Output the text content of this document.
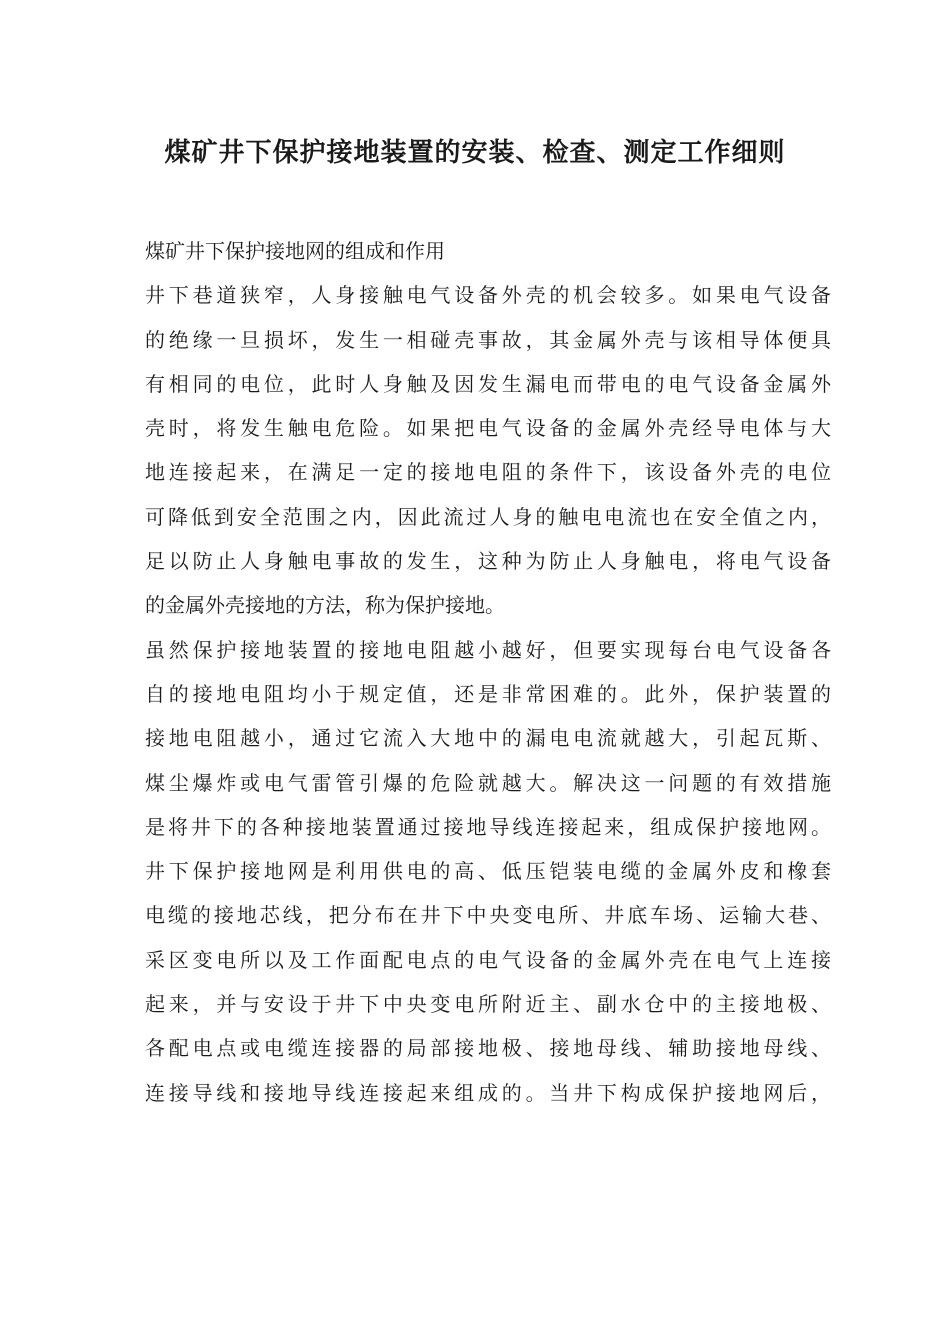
煤矿井下保护接地装置的安装、检查、测定工作细则
煤矿井下保护接地网的组成和作用
井下巷道狭窄，人身接触电气设备外壳的机会较多。如果电气设备
的绝缘一旦损坏，发生一相碰壳事故，其金属外壳与该相导体便具
有相同的电位，此时人身触及因发生漏电而带电的电气设备金属外
壳时，将发生触电危险。如果把电气设备的金属外壳经导电体与大
地连接起来，在满足一定的接地电阻的条件下，该设备外壳的电位
可降低到安全范围之内，因此流过人身的触电电流也在安全值之内，
足以防止人身触电事故的发生，这种为防止人身触电，将电气设备
的金属外壳接地的方法，称为保护接地。
虽然保护接地装置的接地电阻越小越好，但要实现每台电气设备各
自的接地电阻均小于规定值，还是非常困难的。此外，保护装置的
接地电阻越小，通过它流入大地中的漏电电流就越大，引起瓦斯、
煤尘爆炸或电气雷管引爆的危险就越大。解决这一问题的有效措施
是将井下的各种接地装置通过接地导线连接起来，组成保护接地网。
井下保护接地网是利用供电的高、低压铠装电缆的金属外皮和橡套
电缆的接地芯线，把分布在井下中央变电所、井底车场、运输大巷、
采区变电所以及工作面配电点的电气设备的金属外壳在电气上连接
起来，并与安设于井下中央变电所附近主、副水仓中的主接地极、
各配电点或电缆连接器的局部接地极、接地母线、辅助接地母线、
连接导线和接地导线连接起来组成的。当井下构成保护接地网后，
